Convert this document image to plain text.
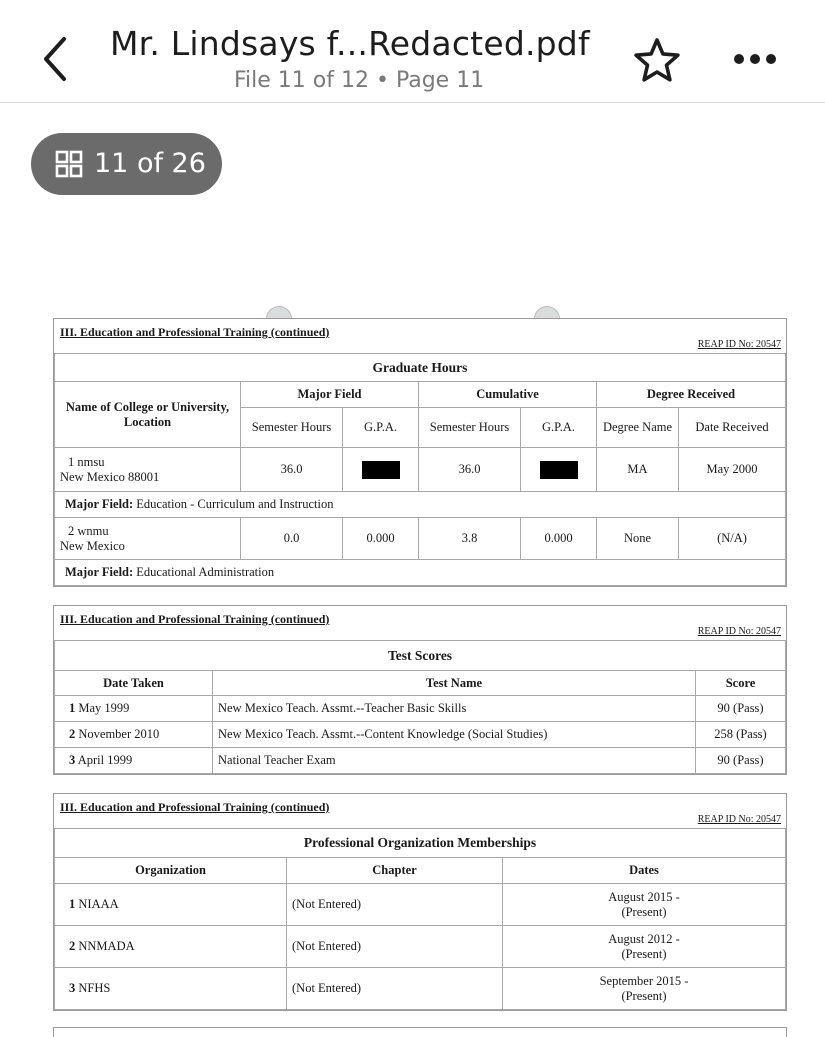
Mr. Lindsays f...Redacted.pdf
File 11 of 12 • Page 11
11 of 26
III. Education and Professional Training (continued)
REAP ID No: 20547
Graduate Hours						
Name of College or University, Location	Major Field		Cumulative		Degree Received	
	Semester Hours	G.P.A.	Semester Hours	G.P.A.	Degree Name	Date Received

1 nmsu
New Mexico 88001	36.0		36.0		MA	May 2000
Major Field: Education - Curriculum and Instruction						

2 wnmu
New Mexico	0.0	0.000	3.8	0.000	None	(N/A)
Major Field: Educational Administration						
III. Education and Professional Training (continued)
REAP ID No: 20547
Test Scores		
Date Taken	Test Name	Score
1 May 1999	New Mexico Teach. Assmt.--Teacher Basic Skills	90 (Pass)
2 November 2010	New Mexico Teach. Assmt.--Content Knowledge (Social Studies)	258 (Pass)
3 April 1999	National Teacher Exam	90 (Pass)
III. Education and Professional Training (continued)
REAP ID No: 20547
Professional Organization Memberships		
Organization	Chapter	Dates
1 NIAAA	(Not Entered)	August 2015 -
(Present)

2 NNMADA	(Not Entered)	August 2012 -
(Present)

3 NFHS	(Not Entered)	September 2015 -
(Present)
